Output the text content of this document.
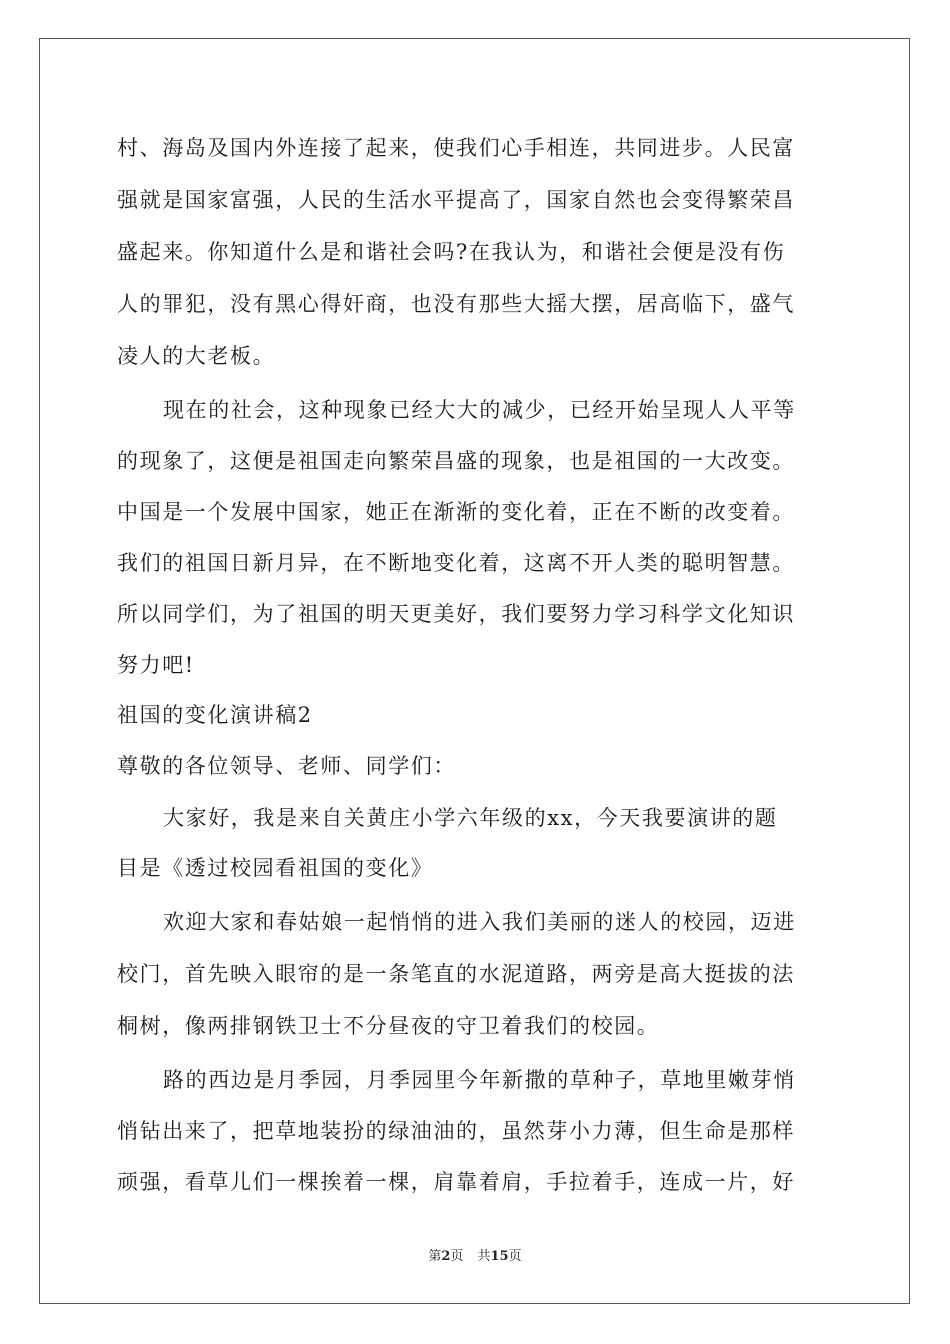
村、海岛及国内外连接了起来，使我们心手相连，共同进步。人民富
强就是国家富强，人民的生活水平提高了，国家自然也会变得繁荣昌
盛起来。你知道什么是和谐社会吗?在我认为，和谐社会便是没有伤
人的罪犯，没有黑心得奸商，也没有那些大摇大摆，居高临下，盛气
凌人的大老板。
现在的社会，这种现象已经大大的减少，已经开始呈现人人平等
的现象了，这便是祖国走向繁荣昌盛的现象，也是祖国的一大改变。
中国是一个发展中国家，她正在渐渐的变化着，正在不断的改变着。
我们的祖国日新月异，在不断地变化着，这离不开人类的聪明智慧。
所以同学们，为了祖国的明天更美好，我们要努力学习科学文化知识
努力吧!
祖国的变化演讲稿2
尊敬的各位领导、老师、同学们：
大家好，我是来自关黄庄小学六年级的xx，今天我要演讲的题
目是《透过校园看祖国的变化》
欢迎大家和春姑娘一起悄悄的进入我们美丽的迷人的校园，迈进
校门，首先映入眼帘的是一条笔直的水泥道路，两旁是高大挺拔的法
桐树，像两排钢铁卫士不分昼夜的守卫着我们的校园。
路的西边是月季园，月季园里今年新撒的草种子，草地里嫩芽悄
悄钻出来了，把草地装扮的绿油油的，虽然芽小力薄，但生命是那样
顽强，看草儿们一棵挨着一棵，肩靠着肩，手拉着手，连成一片，好
第2页 共15页
